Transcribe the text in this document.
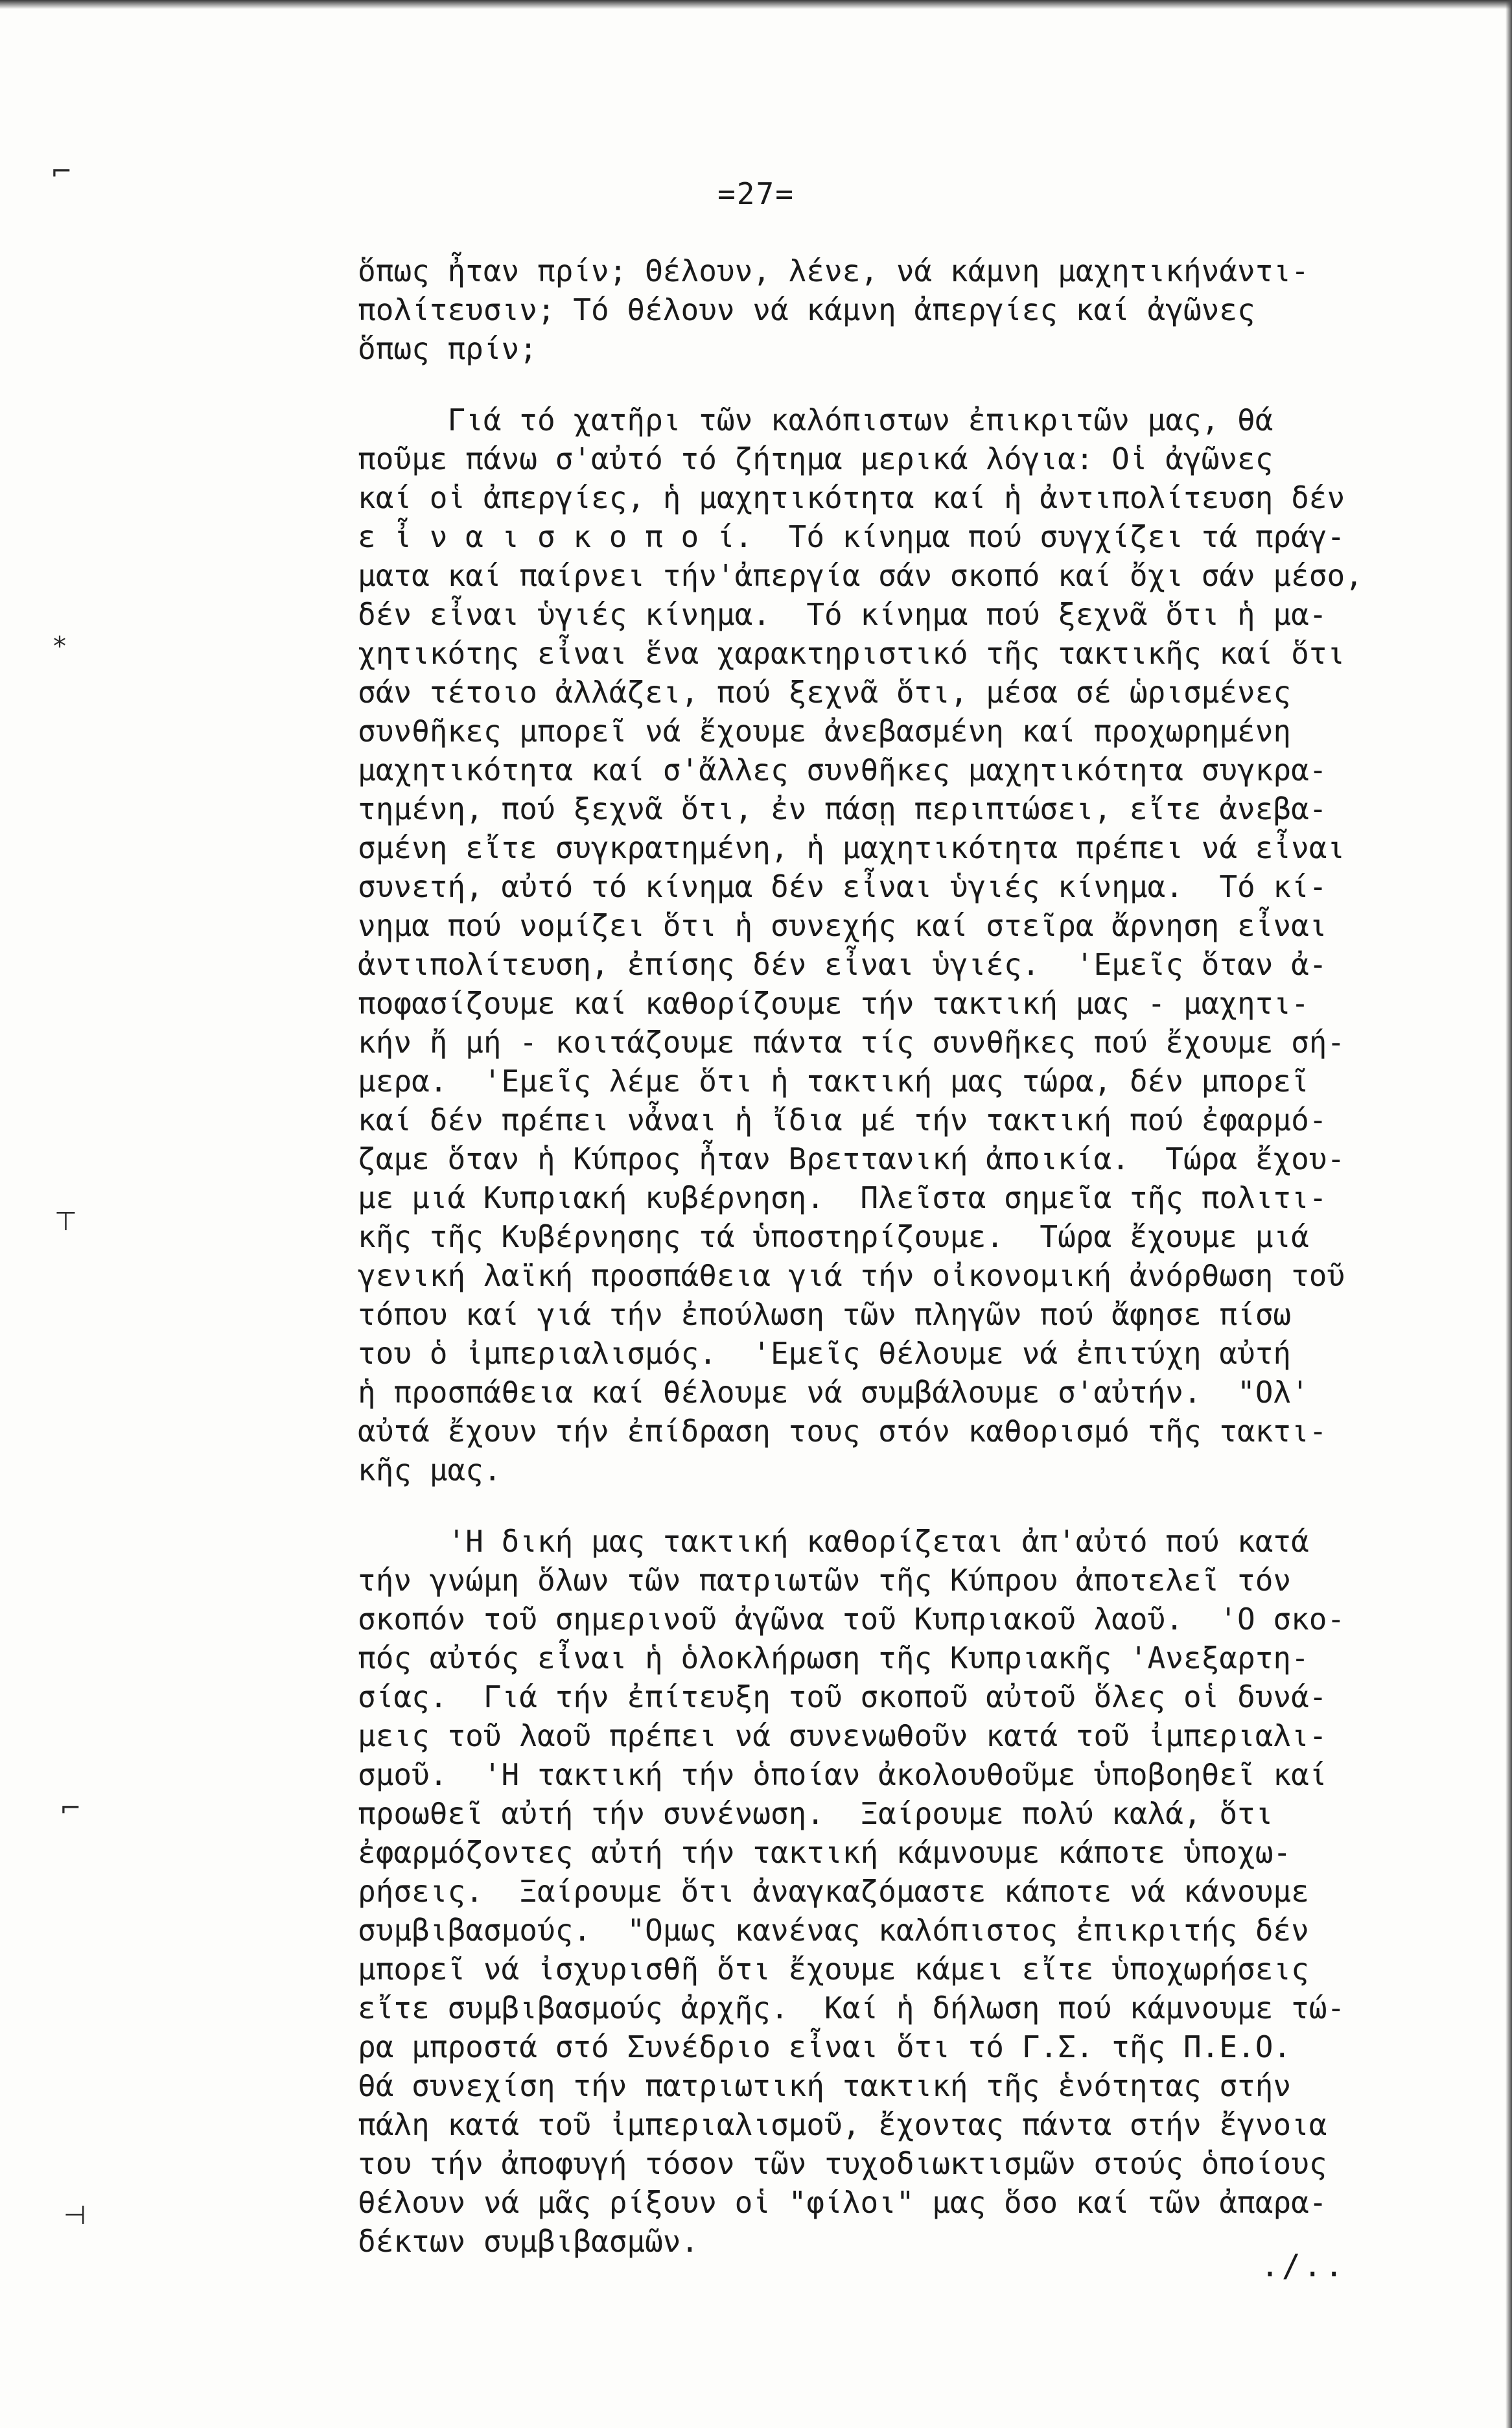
⌐
⁎
⊤
⌐
⊣
=27=
ὅπως ἦταν πρίν; Θέλουν, λένε, νά κάμνη μαχητικήνάντι-
πολίτευσιν; Τό θέλουν νά κάμνη ἀπεργίες καί ἀγῶνες
ὅπως πρίν;
Γιά τό χατῆρι τῶν καλόπιστων ἐπικριτῶν μας, θά
ποῦμε πάνω σ'αὐτό τό ζήτημα μερικά λόγια: Οἱ ἀγῶνες
καί οἱ ἀπεργίες, ἡ μαχητικότητα καί ἡ ἀντιπολίτευση δέν
ε ἶ ν α ι σ κ ο π ο ί.  Τό κίνημα πού συγχίζει τά πράγ-
ματα καί παίρνει τήν'ἀπεργία σάν σκοπό καί ὄχι σάν μέσο,
δέν εἶναι ὑγιές κίνημα.  Τό κίνημα πού ξεχνᾶ ὅτι ἡ μα-
χητικότης εἶναι ἕνα χαρακτηριστικό τῆς τακτικῆς καί ὅτι
σάν τέτοιο ἀλλάζει, πού ξεχνᾶ ὅτι, μέσα σέ ὡρισμένες
συνθῆκες μπορεῖ νά ἔχουμε ἀνεβασμένη καί προχωρημένη
μαχητικότητα καί σ'ἄλλες συνθῆκες μαχητικότητα συγκρα-
τημένη, πού ξεχνᾶ ὅτι, ἐν πάσῃ περιπτώσει, εἴτε ἀνεβα-
σμένη εἴτε συγκρατημένη, ἡ μαχητικότητα πρέπει νά εἶναι
συνετή, αὐτό τό κίνημα δέν εἶναι ὑγιές κίνημα.  Τό κί-
νημα πού νομίζει ὅτι ἡ συνεχής καί στεῖρα ἄρνηση εἶναι
ἀντιπολίτευση, ἐπίσης δέν εἶναι ὑγιές.  'Εμεῖς ὅταν ἀ-
ποφασίζουμε καί καθορίζουμε τήν τακτική μας - μαχητι-
κήν ἤ μή - κοιτάζουμε πάντα τίς συνθῆκες πού ἔχουμε σή-
μερα.  'Εμεῖς λέμε ὅτι ἡ τακτική μας τώρα, δέν μπορεῖ
καί δέν πρέπει νἆναι ἡ ἴδια μέ τήν τακτική πού ἐφαρμό-
ζαμε ὅταν ἡ Κύπρος ἦταν Βρεττανική ἀποικία.  Τώρα ἔχου-
με μιά Κυπριακή κυβέρνηση.  Πλεῖστα σημεῖα τῆς πολιτι-
κῆς τῆς Κυβέρνησης τά ὑποστηρίζουμε.  Τώρα ἔχουμε μιά
γενική λαϊκή προσπάθεια γιά τήν οἰκονομική ἀνόρθωση τοῦ
τόπου καί γιά τήν ἐπούλωση τῶν πληγῶν πού ἄφησε πίσω
του ὁ ἰμπεριαλισμός.  'Εμεῖς θέλουμε νά ἐπιτύχη αὐτή
ἡ προσπάθεια καί θέλουμε νά συμβάλουμε σ'αὐτήν.  "Ολ'
αὐτά ἔχουν τήν ἐπίδραση τους στόν καθορισμό τῆς τακτι-
κῆς μας.
'Η δική μας τακτική καθορίζεται ἀπ'αὐτό πού κατά
τήν γνώμη ὅλων τῶν πατριωτῶν τῆς Κύπρου ἀποτελεῖ τόν
σκοπόν τοῦ σημερινοῦ ἀγῶνα τοῦ Κυπριακοῦ λαοῦ.  'Ο σκο-
πός αὐτός εἶναι ἡ ὁλοκλήρωση τῆς Κυπριακῆς 'Ανεξαρτη-
σίας.  Γιά τήν ἐπίτευξη τοῦ σκοποῦ αὐτοῦ ὅλες οἱ δυνά-
μεις τοῦ λαοῦ πρέπει νά συνενωθοῦν κατά τοῦ ἰμπεριαλι-
σμοῦ.  'Η τακτική τήν ὁποίαν ἀκολουθοῦμε ὑποβοηθεῖ καί
προωθεῖ αὐτή τήν συνένωση.  Ξαίρουμε πολύ καλά, ὅτι
ἐφαρμόζοντες αὐτή τήν τακτική κάμνουμε κάποτε ὑποχω-
ρήσεις.  Ξαίρουμε ὅτι ἀναγκαζόμαστε κάποτε νά κάνουμε
συμβιβασμούς.  "Ομως κανένας καλόπιστος ἐπικριτής δέν
μπορεῖ νά ἰσχυρισθῆ ὅτι ἔχουμε κάμει εἴτε ὑποχωρήσεις
εἴτε συμβιβασμούς ἀρχῆς.  Καί ἡ δήλωση πού κάμνουμε τώ-
ρα μπροστά στό Συνέδριο εἶναι ὅτι τό Γ.Σ. τῆς Π.Ε.Ο.
θά συνεχίση τήν πατριωτική τακτική τῆς ἑνότητας στήν
πάλη κατά τοῦ ἰμπεριαλισμοῦ, ἔχοντας πάντα στήν ἔγνοια
του τήν ἀποφυγή τόσον τῶν τυχοδιωκτισμῶν στούς ὁποίους
θέλουν νά μᾶς ρίξουν οἱ "φίλοι" μας ὅσο καί τῶν ἀπαρα-
δέκτων συμβιβασμῶν.
./..
